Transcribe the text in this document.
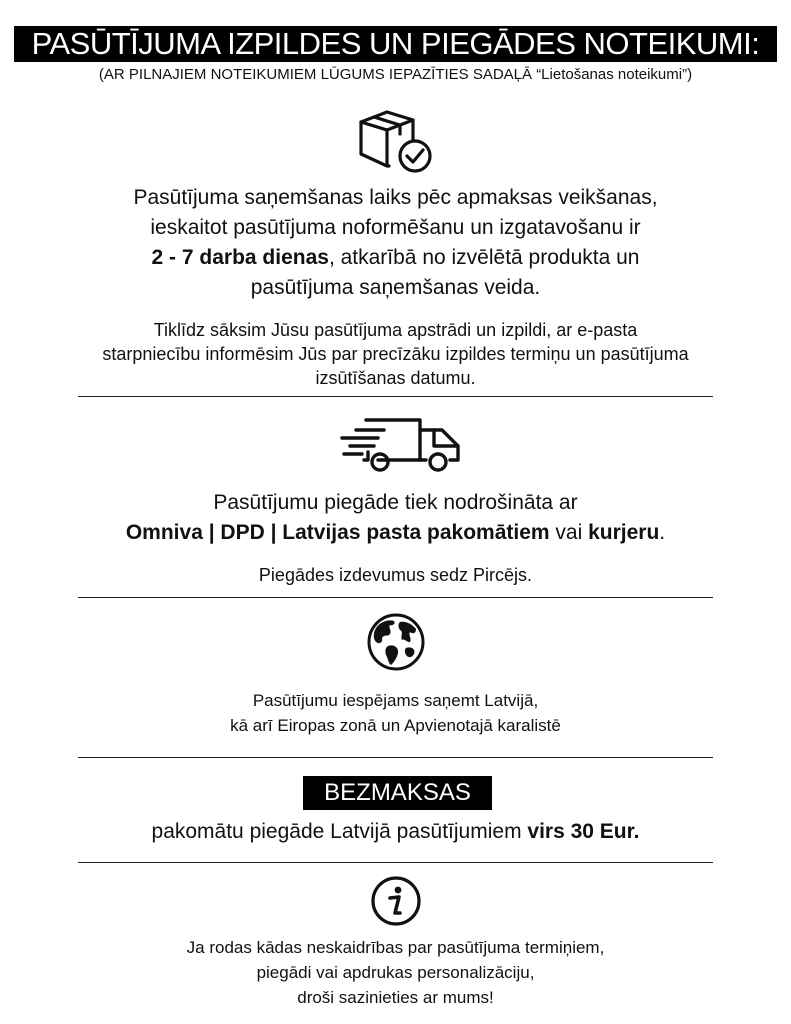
PASŪTĪJUMA IZPILDES UN PIEGĀDES NOTEIKUMI:
(AR PILNAJIEM NOTEIKUMIEM LŪGUMS IEPAZĪTIES SADAĻĀ “Lietošanas noteikumi”)
Pasūtījuma saņemšanas laiks pēc apmaksas veikšanas,
ieskaitot pasūtījuma noformēšanu un izgatavošanu ir
2 - 7 darba dienas, atkarībā no izvēlētā produkta un
pasūtījuma saņemšanas veida.
Tiklīdz sāksim Jūsu pasūtījuma apstrādi un izpildi, ar e-pasta
starpniecību informēsim Jūs par precīzāku izpildes termiņu un pasūtījuma
izsūtīšanas datumu.
Pasūtījumu piegāde tiek nodrošināta ar
Omniva | DPD | Latvijas pasta pakomātiem vai kurjeru.
Piegādes izdevumus sedz Pircējs.
Pasūtījumu iespējams saņemt Latvijā,
kā arī Eiropas zonā un Apvienotajā karalistē
BEZMAKSAS
pakomātu piegāde Latvijā pasūtījumiem virs 30 Eur.
Ja rodas kādas neskaidrības par pasūtījuma termiņiem,
piegādi vai apdrukas personalizāciju,
droši sazinieties ar mums!
